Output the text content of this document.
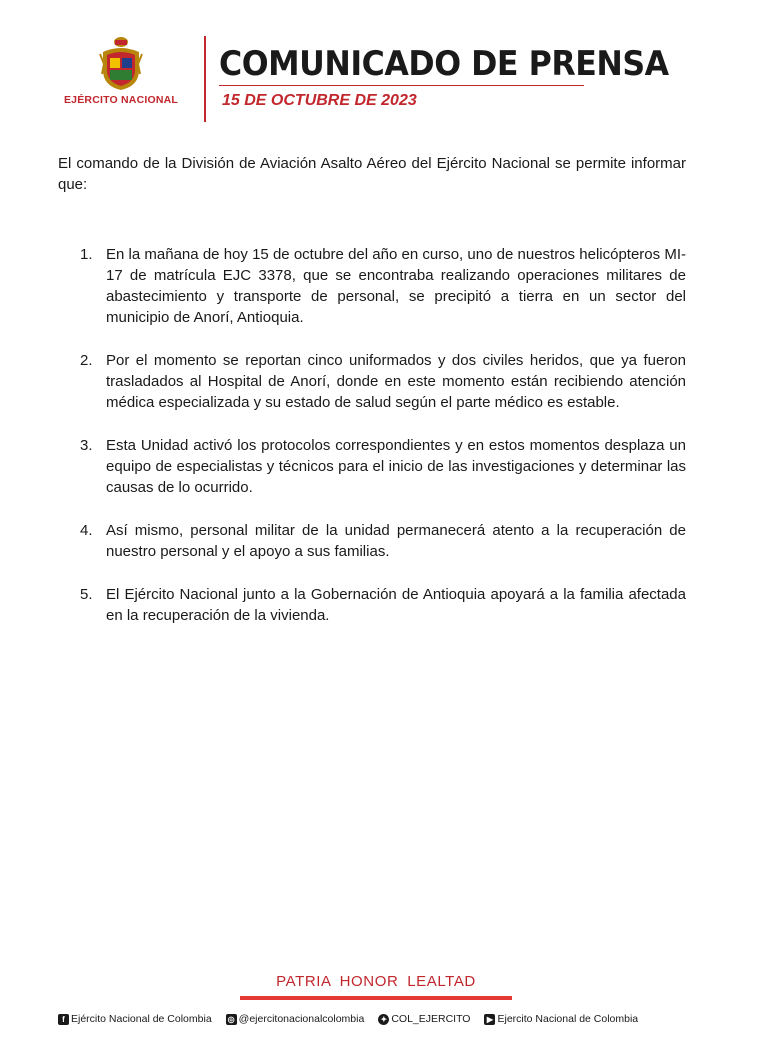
EJÉRCITO NACIONAL
COMUNICADO DE PRENSA
15 DE OCTUBRE DE 2023

El comando de la División de Aviación Asalto Aéreo del Ejército Nacional se permite informar que:

1. En la mañana de hoy 15 de octubre del año en curso, uno de nuestros helicópteros MI-17 de matrícula EJC 3378, que se encontraba realizando operaciones militares de abastecimiento y transporte de personal, se precipitó a tierra en un sector del municipio de Anorí, Antioquia.
2. Por el momento se reportan cinco uniformados y dos civiles heridos, que ya fueron trasladados al Hospital de Anorí, donde en este momento están recibiendo atención médica especializada y su estado de salud según el parte médico es estable.
3. Esta Unidad activó los protocolos correspondientes y en estos momentos desplaza un equipo de especialistas y técnicos para el inicio de las investigaciones y determinar las causas de lo ocurrido.
4. Así mismo, personal militar de la unidad permanecerá atento a la recuperación de nuestro personal y el apoyo a sus familias.
5. El Ejército Nacional junto a la Gobernación de Antioquia apoyará a la familia afectada en la recuperación de la vivienda.
PATRIA HONOR LEALTAD
f Ejército Nacional de Colombia ◎ @ejercitonacionalcolombia ✦ COL_EJERCITO	▶ Ejercito Nacional de Colombia
